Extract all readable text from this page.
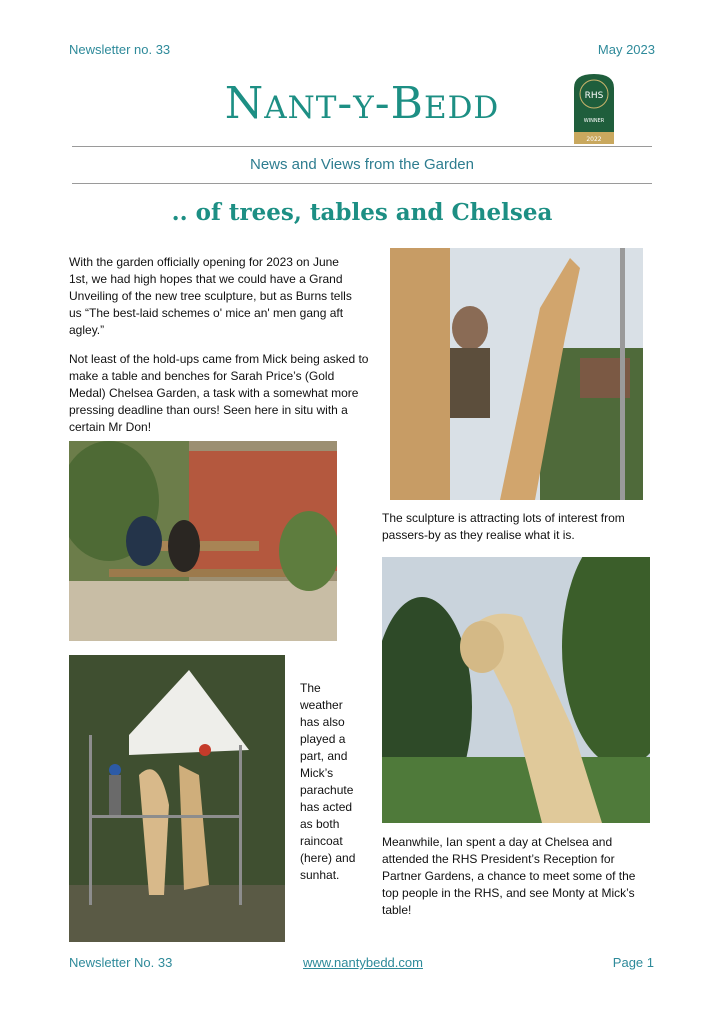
Newsletter no. 33	May 2023
Nant-y-Bedd	RHS
WINNER
2022
News and Views from the Garden
.. of trees, tables and Chelsea

With the garden officially opening for 2023 on June 1st, we had high hopes that we could have a Grand Unveiling of the new tree sculpture, but as Burns tells us “The best-laid schemes o' mice an' men gang aft agley.”

Not least of the hold-ups came from Mick being asked to make a table and benches for Sarah Price’s (Gold Medal) Chelsea Garden, a task with a somewhat more pressing deadline than ours! Seen here in situ with a certain Mr Don!

The sculpture is attracting lots of interest from passers-by as they realise what it is.

The weather has also played a part, and Mick’s parachute has acted as both raincoat (here) and sunhat.

Meanwhile, Ian spent a day at Chelsea and attended the RHS President’s Reception for Partner Gardens, a chance to meet some of the top people in the RHS, and see Monty at Mick’s table!

Newsletter No. 33	www.nantybedd.com	Page 1
